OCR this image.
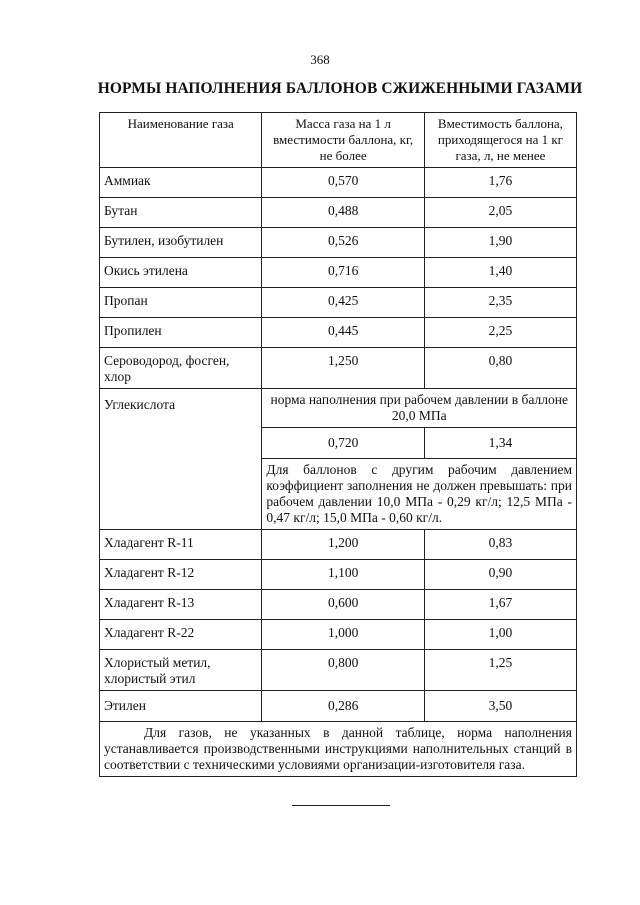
368
НОРМЫ НАПОЛНЕНИЯ БАЛЛОНОВ СЖИЖЕННЫМИ ГАЗАМИ
Наименование газа	Масса газа на 1 л вместимости баллона, кг, не более	Вместимость баллона, приходящегося на 1 кг газа, л, не менее
Аммиак	0,570	1,76
Бутан	0,488	2,05
Бутилен, изобутилен	0,526	1,90
Окись этилена	0,716	1,40
Пропан	0,425	2,35
Пропилен	0,445	2,25
Сероводород, фосген, хлор	1,250	0,80
Углекислота	норма наполнения при рабочем давлении в баллоне 20,0 МПа	
	0,720	1,34
	Для баллонов с другим рабочим давлением коэффициент заполнения не должен превышать: при рабочем давлении 10,0 МПа - 0,29 кг/л; 12,5 МПа - 0,47 кг/л; 15,0 МПа - 0,60 кг/л.	
Хладагент R-11	1,200	0,83
Хладагент R-12	1,100	0,90
Хладагент R-13	0,600	1,67
Хладагент R-22	1,000	1,00
Хлористый метил, хлористый этил	0,800	1,25
Этилен	0,286	3,50
Для газов, не указанных в данной таблице, норма наполнения устанавливается производственными инструкциями наполнительных станций в соответствии с техническими условиями организации-изготовителя газа.		
